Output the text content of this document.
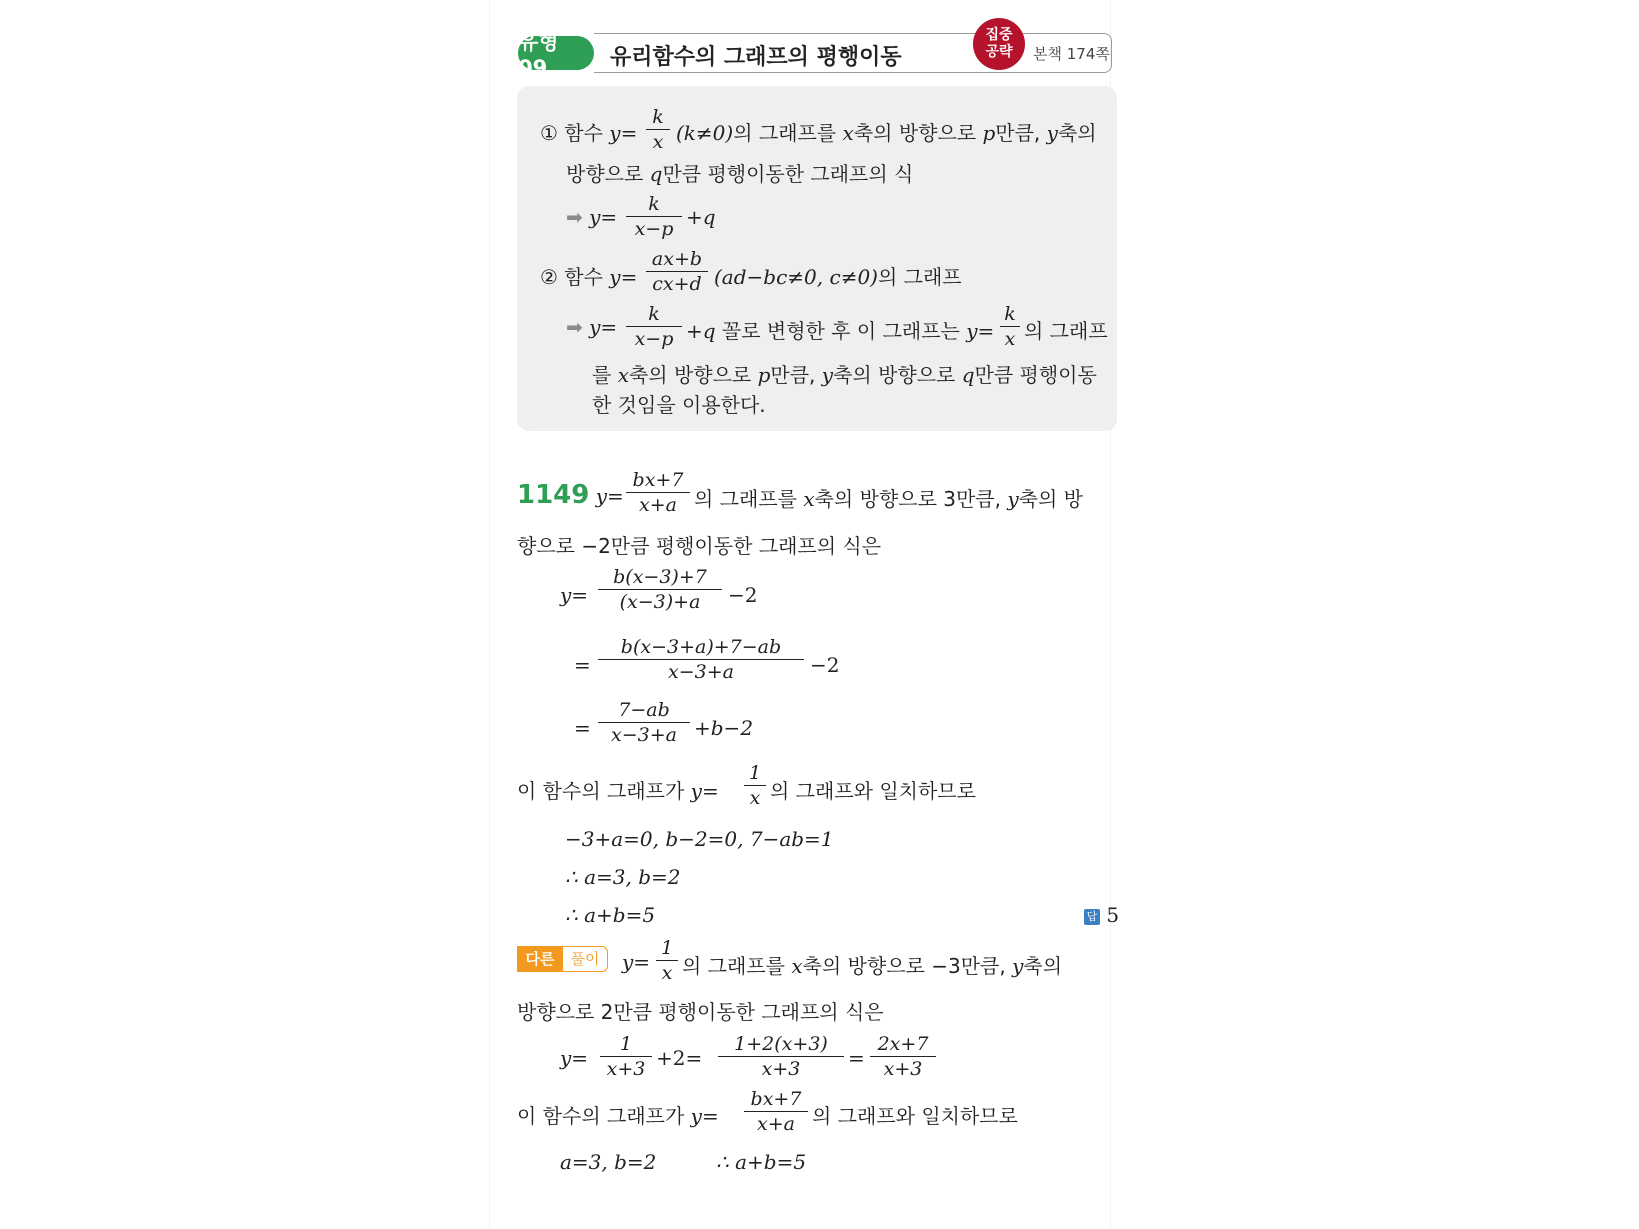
유형 09	유리함수의 그래프의 평행이동
집중
공략 본책 174쪽
① 함수 $y= \frac{k}{x} (k\ne 0)$의 그래프를 x축의 방향으로 p만큼, y축의
방향으로 q만큼 평행이동한 그래프의 식
➡ $y= \frac{k}{x-p} +q$
② 함수 $y= \frac{ax+b}{cx+d} (ad-bc\ne 0$, c≠0)의 그래프
➡ $y= \frac{k}{x-p} +q$ 꼴로 변형한 후 이 그래프는 $y= \frac{k}{x}$ 의 그래프
를 x축의 방향으로 p만큼, y축의 방향으로 q만큼 평행이동
한 것임을 이용한다.
1149 $y= \frac{bx+7}{x+a}$ 의 그래프를 x축의 방향으로 3만큼, y축의 방
향으로 −2만큼 평행이동한 그래프의 식은
$y= \frac{b(x-3)+7}{(x-3)+a} -2$
= $\frac{b(x-3+a)+7-ab}{x-3+a} -2$
= $\frac{7-ab}{x-3+a} +b-2$
이 함수의 그래프가 $y= \frac{1}{x}$ 의 그래프와 일치하므로
−3+a=0, b−2=0, 7−ab=1
∴ a=3, b=2
∴ a+b=5	답 5
다른	풀이	$y= \frac{1}{x}$ 의 그래프를 x축의 방향으로 −3만큼, y축의
방향으로 2만큼 평행이동한 그래프의 식은
$y= \frac{1}{x+3} +2= \frac{1+2(x+3)}{x+3} = \frac{2x+7}{x+3}$
이 함수의 그래프가 $y= \frac{bx+7}{x+a}$ 의 그래프와 일치하므로
a=3, b=2	∴ a+b=5
